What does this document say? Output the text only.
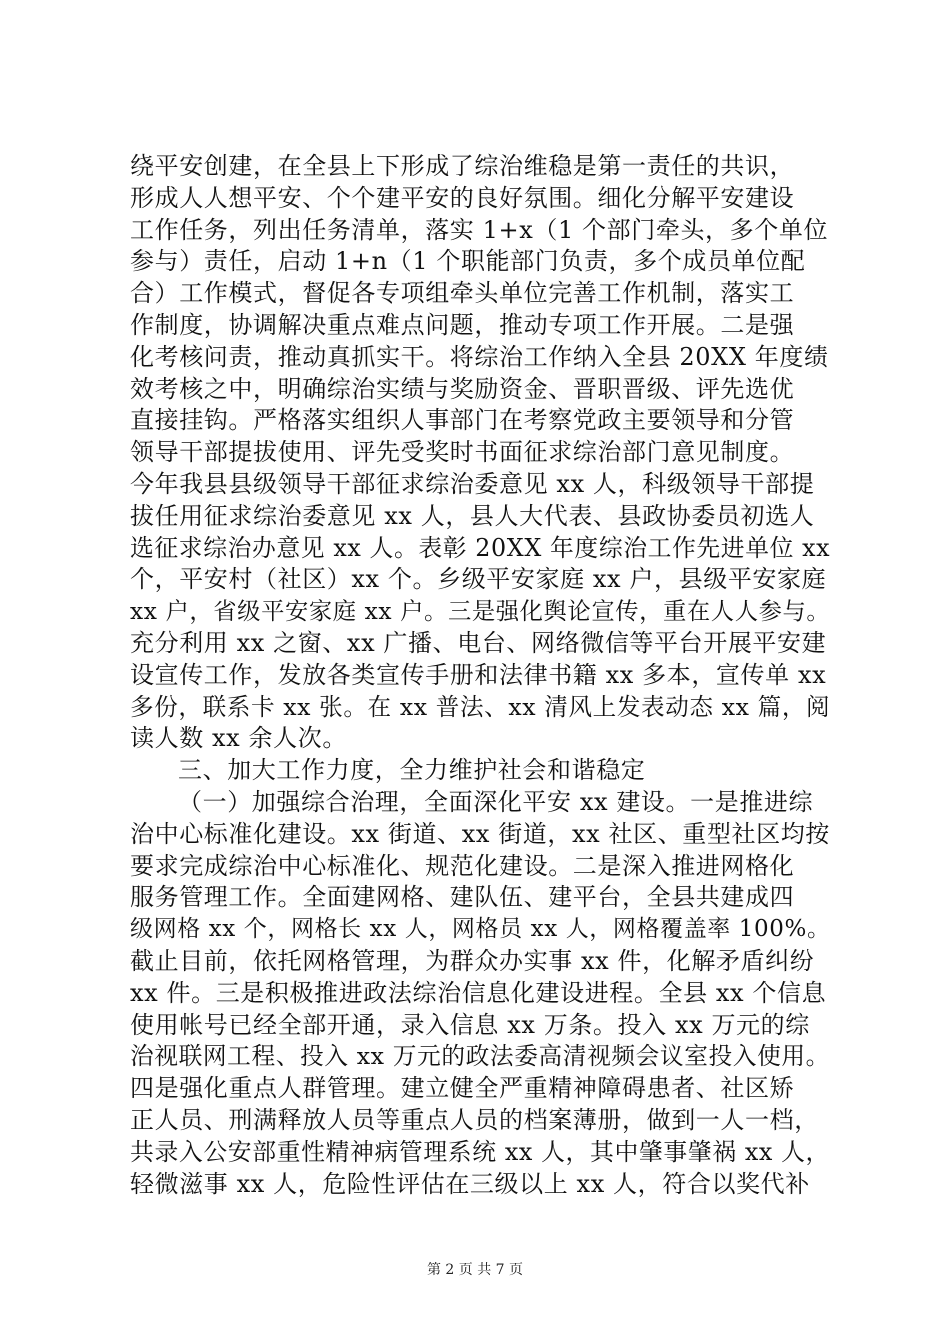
绕平安创建，在全县上下形成了综治维稳是第一责任的共识，
形成人人想平安、个个建平安的良好氛围。细化分解平安建设
工作任务，列出任务清单，落实 1+x（1 个部门牵头，多个单位
参与）责任，启动 1+n（1 个职能部门负责，多个成员单位配
合）工作模式，督促各专项组牵头单位完善工作机制，落实工
作制度，协调解决重点难点问题，推动专项工作开展。二是强
化考核问责，推动真抓实干。将综治工作纳入全县 20XX 年度绩
效考核之中，明确综治实绩与奖励资金、晋职晋级、评先选优
直接挂钩。严格落实组织人事部门在考察党政主要领导和分管
领导干部提拔使用、评先受奖时书面征求综治部门意见制度。
今年我县县级领导干部征求综治委意见 xx 人，科级领导干部提
拔任用征求综治委意见 xx 人，县人大代表、县政协委员初选人
选征求综治办意见 xx 人。表彰 20XX 年度综治工作先进单位 xx
个，平安村（社区）xx 个。乡级平安家庭 xx 户，县级平安家庭
xx 户，省级平安家庭 xx 户。三是强化舆论宣传，重在人人参与。
充分利用 xx 之窗、xx 广播、电台、网络微信等平台开展平安建
设宣传工作，发放各类宣传手册和法律书籍 xx 多本，宣传单 xx
多份，联系卡 xx 张。在 xx 普法、xx 清风上发表动态 xx 篇，阅
读人数 xx 余人次。
三、加大工作力度，全力维护社会和谐稳定
（一）加强综合治理，全面深化平安 xx 建设。一是推进综
治中心标准化建设。xx 街道、xx 街道，xx 社区、重型社区均按
要求完成综治中心标准化、规范化建设。二是深入推进网格化
服务管理工作。全面建网格、建队伍、建平台，全县共建成四
级网格 xx 个，网格长 xx 人，网格员 xx 人，网格覆盖率 100%。
截止目前，依托网格管理，为群众办实事 xx 件，化解矛盾纠纷
xx 件。三是积极推进政法综治信息化建设进程。全县 xx 个信息
使用帐号已经全部开通，录入信息 xx 万条。投入 xx 万元的综
治视联网工程、投入 xx 万元的政法委高清视频会议室投入使用。
四是强化重点人群管理。建立健全严重精神障碍患者、社区矫
正人员、刑满释放人员等重点人员的档案薄册，做到一人一档，
共录入公安部重性精神病管理系统 xx 人，其中肇事肇祸 xx 人，
轻微滋事 xx 人，危险性评估在三级以上 xx 人，符合以奖代补
第 2 页 共 7 页
